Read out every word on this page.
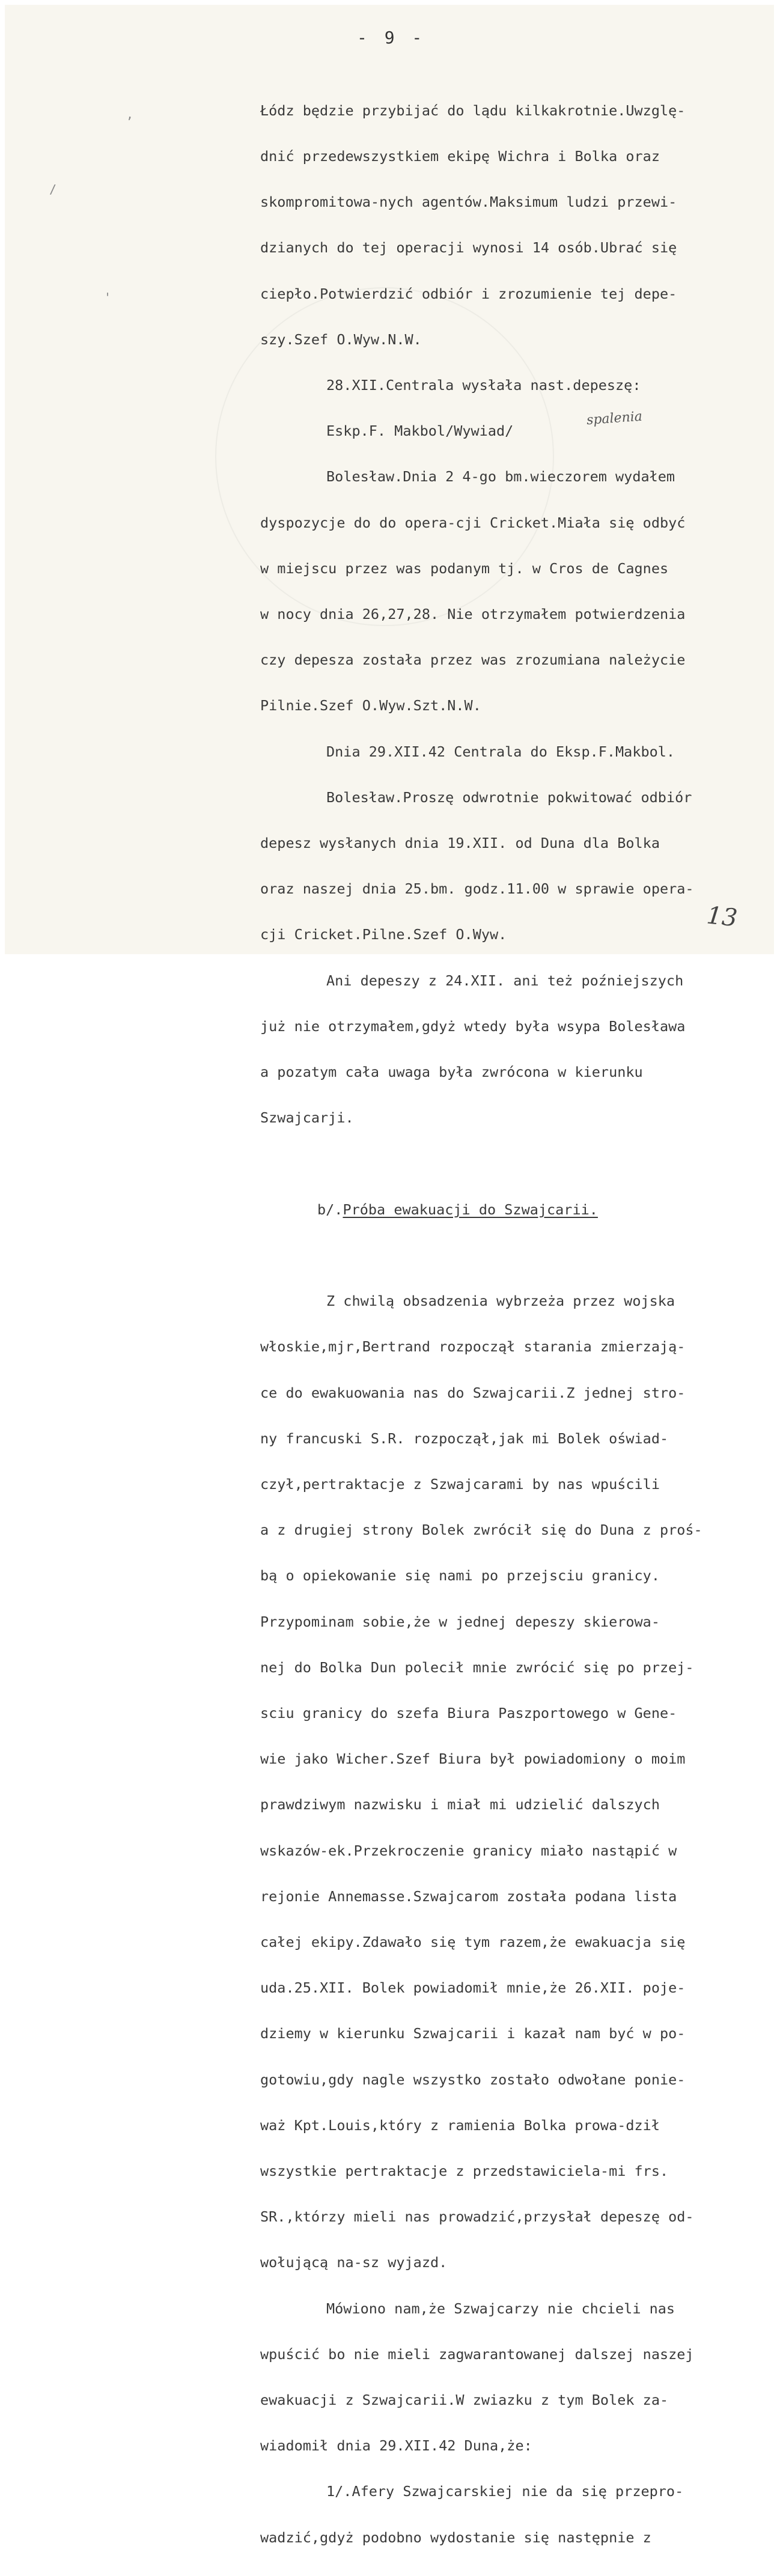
,
/
'
- 9 -

Łódz będzie przybijać do lądu kilkakrotnie.Uwzglę-

dnić przedewszystkiem ekipę Wichra i Bolka oraz

skompromitowa-nych agentów.Maksimum ludzi przewi-

dzianych do tej operacji wynosi 14 osób.Ubrać się

ciepło.Potwierdzić odbiór i zrozumienie tej depe-

szy.Szef O.Wyw.N.W.

28.XII.Centrala wysłała nast.depeszę:

Eskp.F. Makbol/Wywiad/

Bolesław.Dnia 2 4-go bm.wieczorem wydałem

dyspozycje do do opera-cji Cricket.Miała się odbyć

w miejscu przez was podanym tj. w Cros de Cagnes

w nocy dnia 26,27,28. Nie otrzymałem potwierdzenia

czy depesza została przez was zrozumiana należycie

Pilnie.Szef O.Wyw.Szt.N.W.

Dnia 29.XII.42 Centrala do Eksp.F.Makbol.

Bolesław.Proszę odwrotnie pokwitować odbiór

depesz wysłanych dnia 19.XII. od Duna dla Bolka

oraz naszej dnia 25.bm. godz.11.00 w sprawie opera-

cji Cricket.Pilne.Szef O.Wyw.

Ani depeszy z 24.XII. ani też poźniejszych

już nie otrzymałem,gdyż wtedy była wsypa Bolesława

a pozatym cała uwaga była zwrócona w kierunku

Szwajcarji.

b/.Próba ewakuacji do Szwajcarii.

Z chwilą obsadzenia wybrzeża przez wojska

włoskie,mjr,Bertrand rozpoczął starania zmierzają-

ce do ewakuowania nas do Szwajcarii.Z jednej stro-

ny francuski S.R. rozpoczął,jak mi Bolek oświad-

czył,pertraktacje z Szwajcarami by nas wpuścili

a z drugiej strony Bolek zwrócił się do Duna z proś-

bą o opiekowanie się nami po przejsciu granicy.

Przypominam sobie,że w jednej depeszy skierowa-

nej do Bolka Dun polecił mnie zwrócić się po przej-

sciu granicy do szefa Biura Paszportowego w Gene-

wie jako Wicher.Szef Biura był powiadomiony o moim

prawdziwym nazwisku i miał mi udzielić dalszych

wskazów-ek.Przekroczenie granicy miało nastąpić w

rejonie Annemasse.Szwajcarom została podana lista

całej ekipy.Zdawało się tym razem,że ewakuacja się

uda.25.XII. Bolek powiadomił mnie,że 26.XII. poje-

dziemy w kierunku Szwajcarii i kazał nam być w po-

gotowiu,gdy nagle wszystko zostało odwołane ponie-

waż Kpt.Louis,który z ramienia Bolka prowa-dził

wszystkie pertraktacje z przedstawiciela-mi frs.

SR.,którzy mieli nas prowadzić,przysłał depeszę od-

wołującą na-sz wyjazd.

Mówiono nam,że Szwajcarzy nie chcieli nas

wpuścić bo nie mieli zagwarantowanej dalszej naszej

ewakuacji z Szwajcarii.W zwiazku z tym Bolek za-

wiadomił dnia 29.XII.42 Duna,że:

1/.Afery Szwajcarskiej nie da się przepro-

wadzić,gdyż podobno wydostanie się następnie z

spalenia
13
